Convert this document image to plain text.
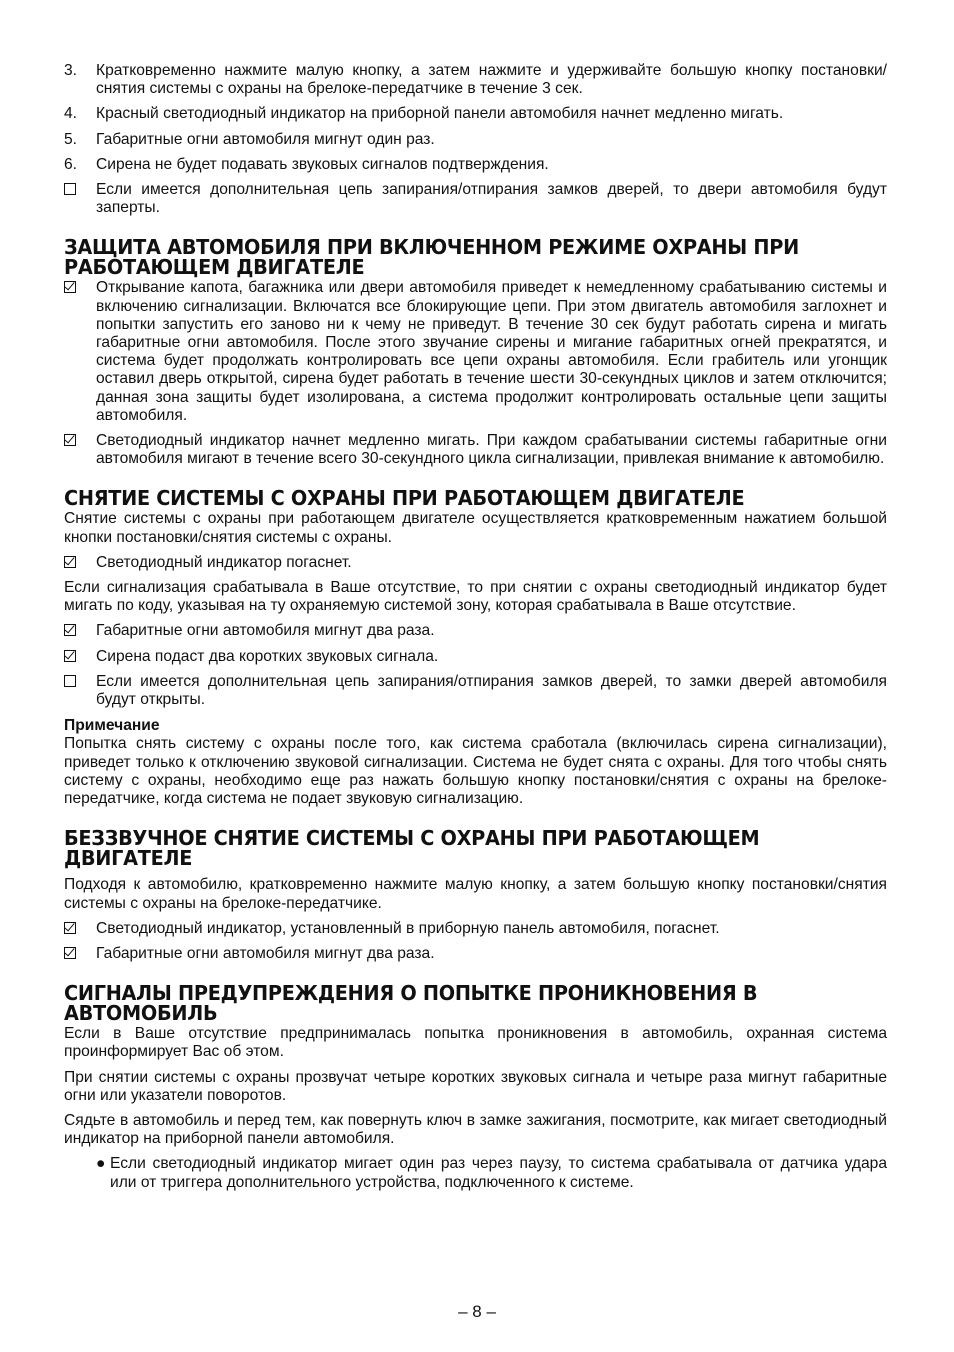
3.	Кратковременно нажмите малую кнопку, а затем нажмите и удерживайте большую кнопку постановки/снятия системы с охраны на брелоке-передатчике в течение 3 сек.
4.	Красный светодиодный индикатор на приборной панели автомобиля начнет медленно мигать.
5.	Габаритные огни автомобиля мигнут один раз.
6.	Сирена не будет подавать звуковых сигналов подтверждения.
Если имеется дополнительная цепь запирания/отпирания замков дверей, то двери автомобиля будут заперты.
ЗАЩИТА АВТОМОБИЛЯ ПРИ ВКЛЮЧЕННОМ РЕЖИМЕ ОХРАНЫ ПРИ РАБОТАЮЩЕМ ДВИГАТЕЛЕ
Открывание капота, багажника или двери автомобиля приведет к немедленному срабатыванию системы и включению сигнализации. Включатся все блокирующие цепи. При этом двигатель автомобиля заглохнет и попытки запустить его заново ни к чему не приведут. В течение 30 сек будут работать сирена и мигать габаритные огни автомобиля. После этого звучание сирены и мигание габаритных огней прекратятся, и система будет продолжать контролировать все цепи охраны автомобиля. Если грабитель или угонщик оставил дверь открытой, сирена будет работать в течение шести 30-секундных циклов и затем отключится; данная зона защиты будет изолирована, а система продолжит контролировать остальные цепи защиты автомобиля.
Светодиодный индикатор начнет медленно мигать. При каждом срабатывании системы габаритные огни автомобиля мигают в течение всего 30-секундного цикла сигнализации, привлекая внимание к автомобилю.
СНЯТИЕ СИСТЕМЫ С ОХРАНЫ ПРИ РАБОТАЮЩЕМ ДВИГАТЕЛЕ

Снятие системы с охраны при работающем двигателе осуществляется кратковременным нажатием большой кнопки постановки/снятия системы с охраны.

Светодиодный индикатор погаснет.

Если сигнализация срабатывала в Ваше отсутствие, то при снятии с охраны светодиодный индикатор будет мигать по коду, указывая на ту охраняемую системой зону, которая срабатывала в Ваше отсутствие.

Габаритные огни автомобиля мигнут два раза.
Сирена подаст два коротких звуковых сигнала.
Если имеется дополнительная цепь запирания/отпирания замков дверей, то замки дверей автомобиля будут открыты.
Примечание

Попытка снять систему с охраны после того, как система сработала (включилась сирена сигнализации), приведет только к отключению звуковой сигнализации. Система не будет снята с охраны. Для того чтобы снять систему с охраны, необходимо еще раз нажать большую кнопку постановки/снятия с охраны на брелоке-передатчике, когда система не подает звуковую сигнализацию.

БЕЗЗВУЧНОЕ СНЯТИЕ СИСТЕМЫ С ОХРАНЫ ПРИ РАБОТАЮЩЕМ ДВИГАТЕЛЕ

Подходя к автомобилю, кратковременно нажмите малую кнопку, а затем большую кнопку постановки/снятия системы с охраны на брелоке-передатчике.

Светодиодный индикатор, установленный в приборную панель автомобиля, погаснет.
Габаритные огни автомобиля мигнут два раза.
СИГНАЛЫ ПРЕДУПРЕЖДЕНИЯ О ПОПЫТКЕ ПРОНИКНОВЕНИЯ В АВТОМОБИЛЬ

Если в Ваше отсутствие предпринималась попытка проникновения в автомобиль, охранная система проинформирует Вас об этом.

При снятии системы с охраны прозвучат четыре коротких звуковых сигнала и четыре раза мигнут габаритные огни или указатели поворотов.

Сядьте в автомобиль и перед тем, как повернуть ключ в замке зажигания, посмотрите, как мигает светодиодный индикатор на приборной панели автомобиля.

● Если светодиодный индикатор мигает один раз через паузу, то система срабатывала от датчика удара или от триггера дополнительного устройства, подключенного к системе.
– 8 –
